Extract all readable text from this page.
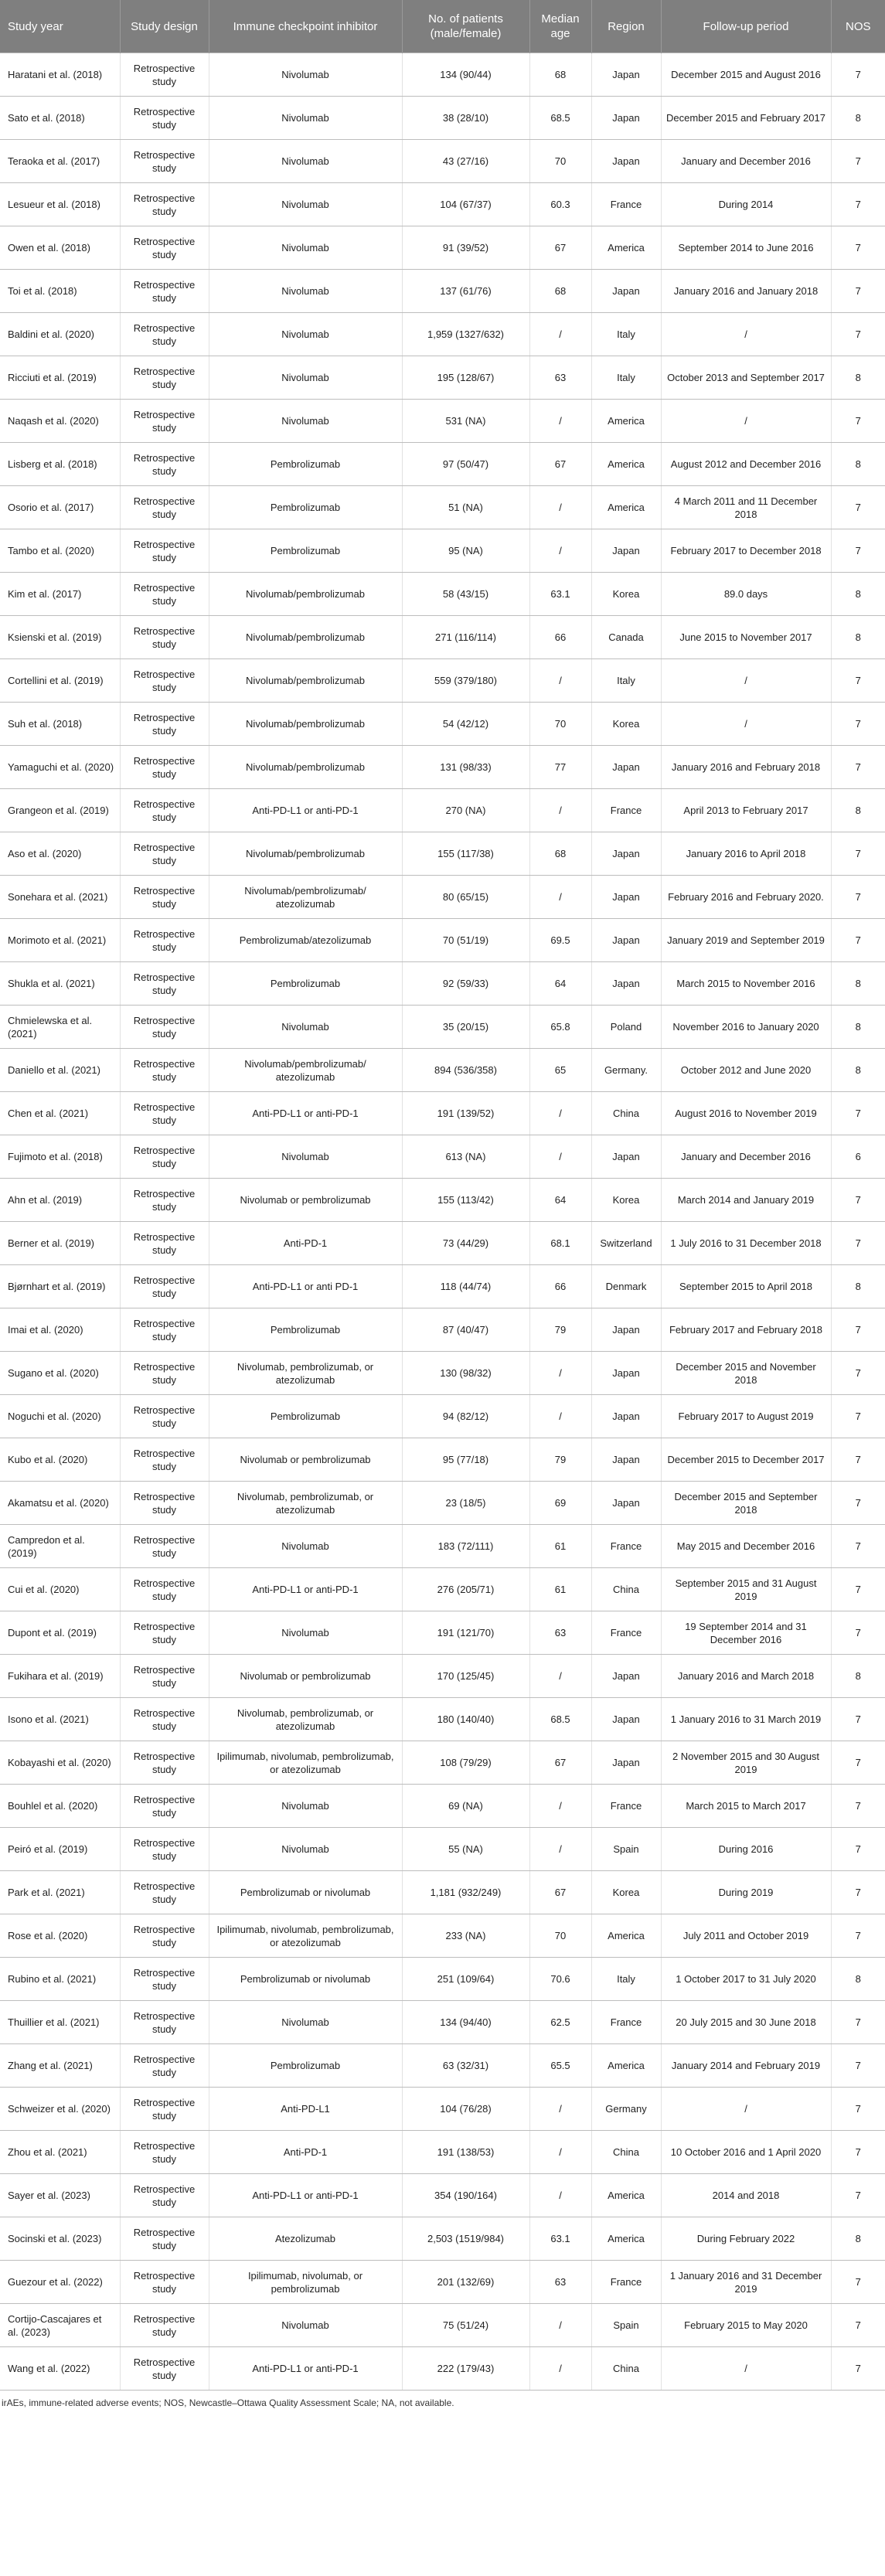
Study year	Study design	Immune checkpoint inhibitor	No. of patients (male/female)	Median age	Region	Follow-up period	NOS
Haratani et al. (2018)	Retrospective study	Nivolumab	134 (90/44)	68	Japan	December 2015 and August 2016	7
Sato et al. (2018)	Retrospective study	Nivolumab	38 (28/10)	68.5	Japan	December 2015 and February 2017	8
Teraoka et al. (2017)	Retrospective study	Nivolumab	43 (27/16)	70	Japan	January and December 2016	7
Lesueur et al. (2018)	Retrospective study	Nivolumab	104 (67/37)	60.3	France	During 2014	7
Owen et al. (2018)	Retrospective study	Nivolumab	91 (39/52)	67	America	September 2014 to June 2016	7
Toi et al. (2018)	Retrospective study	Nivolumab	137 (61/76)	68	Japan	January 2016 and January 2018	7
Baldini et al. (2020)	Retrospective study	Nivolumab	1,959 (1327/632)	/	Italy	/	7
Ricciuti et al. (2019)	Retrospective study	Nivolumab	195 (128/67)	63	Italy	October 2013 and September 2017	8
Naqash et al. (2020)	Retrospective study	Nivolumab	531 (NA)	/	America	/	7
Lisberg et al. (2018)	Retrospective study	Pembrolizumab	97 (50/47)	67	America	August 2012 and December 2016	8
Osorio et al. (2017)	Retrospective study	Pembrolizumab	51 (NA)	/	America	4 March 2011 and 11 December 2018	7
Tambo et al. (2020)	Retrospective study	Pembrolizumab	95 (NA)	/	Japan	February 2017 to December 2018	7
Kim et al. (2017)	Retrospective study	Nivolumab/pembrolizumab	58 (43/15)	63.1	Korea	89.0 days	8
Ksienski et al. (2019)	Retrospective study	Nivolumab/pembrolizumab	271 (116/114)	66	Canada	June 2015 to November 2017	8
Cortellini et al. (2019)	Retrospective study	Nivolumab/pembrolizumab	559 (379/180)	/	Italy	/	7
Suh et al. (2018)	Retrospective study	Nivolumab/pembrolizumab	54 (42/12)	70	Korea	/	7
Yamaguchi et al. (2020)	Retrospective study	Nivolumab/pembrolizumab	131 (98/33)	77	Japan	January 2016 and February 2018	7
Grangeon et al. (2019)	Retrospective study	Anti-PD-L1 or anti-PD-1	270 (NA)	/	France	April 2013 to February 2017	8
Aso et al. (2020)	Retrospective study	Nivolumab/pembrolizumab	155 (117/38)	68	Japan	January 2016 to April 2018	7
Sonehara et al. (2021)	Retrospective study	Nivolumab/pembrolizumab/ atezolizumab	80 (65/15)	/	Japan	February 2016 and February 2020.	7
Morimoto et al. (2021)	Retrospective study	Pembrolizumab/atezolizumab	70 (51/19)	69.5	Japan	January 2019 and September 2019	7
Shukla et al. (2021)	Retrospective study	Pembrolizumab	92 (59/33)	64	Japan	March 2015 to November 2016	8
Chmielewska et al. (2021)	Retrospective study	Nivolumab	35 (20/15)	65.8	Poland	November 2016 to January 2020	8
Daniello et al. (2021)	Retrospective study	Nivolumab/pembrolizumab/ atezolizumab	894 (536/358)	65	Germany.	October 2012 and June 2020	8
Chen et al. (2021)	Retrospective study	Anti-PD-L1 or anti-PD-1	191 (139/52)	/	China	August 2016 to November 2019	7
Fujimoto et al. (2018)	Retrospective study	Nivolumab	613 (NA)	/	Japan	January and December 2016	6
Ahn et al. (2019)	Retrospective study	Nivolumab or pembrolizumab	155 (113/42)	64	Korea	March 2014 and January 2019	7
Berner et al. (2019)	Retrospective study	Anti-PD-1	73 (44/29)	68.1	Switzerland	1 July 2016 to 31 December 2018	7
Bjørnhart et al. (2019)	Retrospective study	Anti-PD-L1 or anti PD-1	118 (44/74)	66	Denmark	September 2015 to April 2018	8
Imai et al. (2020)	Retrospective study	Pembrolizumab	87 (40/47)	79	Japan	February 2017 and February 2018	7
Sugano et al. (2020)	Retrospective study	Nivolumab, pembrolizumab, or atezolizumab	130 (98/32)	/	Japan	December 2015 and November 2018	7
Noguchi et al. (2020)	Retrospective study	Pembrolizumab	94 (82/12)	/	Japan	February 2017 to August 2019	7
Kubo et al. (2020)	Retrospective study	Nivolumab or pembrolizumab	95 (77/18)	79	Japan	December 2015 to December 2017	7
Akamatsu et al. (2020)	Retrospective study	Nivolumab, pembrolizumab, or atezolizumab	23 (18/5)	69	Japan	December 2015 and September 2018	7
Campredon et al. (2019)	Retrospective study	Nivolumab	183 (72/111)	61	France	May 2015 and December 2016	7
Cui et al. (2020)	Retrospective study	Anti-PD-L1 or anti-PD-1	276 (205/71)	61	China	September 2015 and 31 August 2019	7
Dupont et al. (2019)	Retrospective study	Nivolumab	191 (121/70)	63	France	19 September 2014 and 31 December 2016	7
Fukihara et al. (2019)	Retrospective study	Nivolumab or pembrolizumab	170 (125/45)	/	Japan	January 2016 and March 2018	8
Isono et al. (2021)	Retrospective study	Nivolumab, pembrolizumab, or atezolizumab	180 (140/40)	68.5	Japan	1 January 2016 to 31 March 2019	7
Kobayashi et al. (2020)	Retrospective study	Ipilimumab, nivolumab, pembrolizumab, or atezolizumab	108 (79/29)	67	Japan	2 November 2015 and 30 August 2019	7
Bouhlel et al. (2020)	Retrospective study	Nivolumab	69 (NA)	/	France	March 2015 to March 2017	7
Peiró et al. (2019)	Retrospective study	Nivolumab	55 (NA)	/	Spain	During 2016	7
Park et al. (2021)	Retrospective study	Pembrolizumab or nivolumab	1,181 (932/249)	67	Korea	During 2019	7
Rose et al. (2020)	Retrospective study	Ipilimumab, nivolumab, pembrolizumab, or atezolizumab	233 (NA)	70	America	July 2011 and October 2019	7
Rubino et al. (2021)	Retrospective study	Pembrolizumab or nivolumab	251 (109/64)	70.6	Italy	1 October 2017 to 31 July 2020	8
Thuillier et al. (2021)	Retrospective study	Nivolumab	134 (94/40)	62.5	France	20 July 2015 and 30 June 2018	7
Zhang et al. (2021)	Retrospective study	Pembrolizumab	63 (32/31)	65.5	America	January 2014 and February 2019	7
Schweizer et al. (2020)	Retrospective study	Anti-PD-L1	104 (76/28)	/	Germany	/	7
Zhou et al. (2021)	Retrospective study	Anti-PD-1	191 (138/53)	/	China	10 October 2016 and 1 April 2020	7
Sayer et al. (2023)	Retrospective study	Anti-PD-L1 or anti-PD-1	354 (190/164)	/	America	2014 and 2018	7
Socinski et al. (2023)	Retrospective study	Atezolizumab	2,503 (1519/984)	63.1	America	During February 2022	8
Guezour et al. (2022)	Retrospective study	Ipilimumab, nivolumab, or pembrolizumab	201 (132/69)	63	France	1 January 2016 and 31 December 2019	7
Cortijo-Cascajares et al. (2023)	Retrospective study	Nivolumab	75 (51/24)	/	Spain	February 2015 to May 2020	7
Wang et al. (2022)	Retrospective study	Anti-PD-L1 or anti-PD-1	222 (179/43)	/	China	/	7
irAEs, immune-related adverse events; NOS, Newcastle–Ottawa Quality Assessment Scale; NA, not available.
